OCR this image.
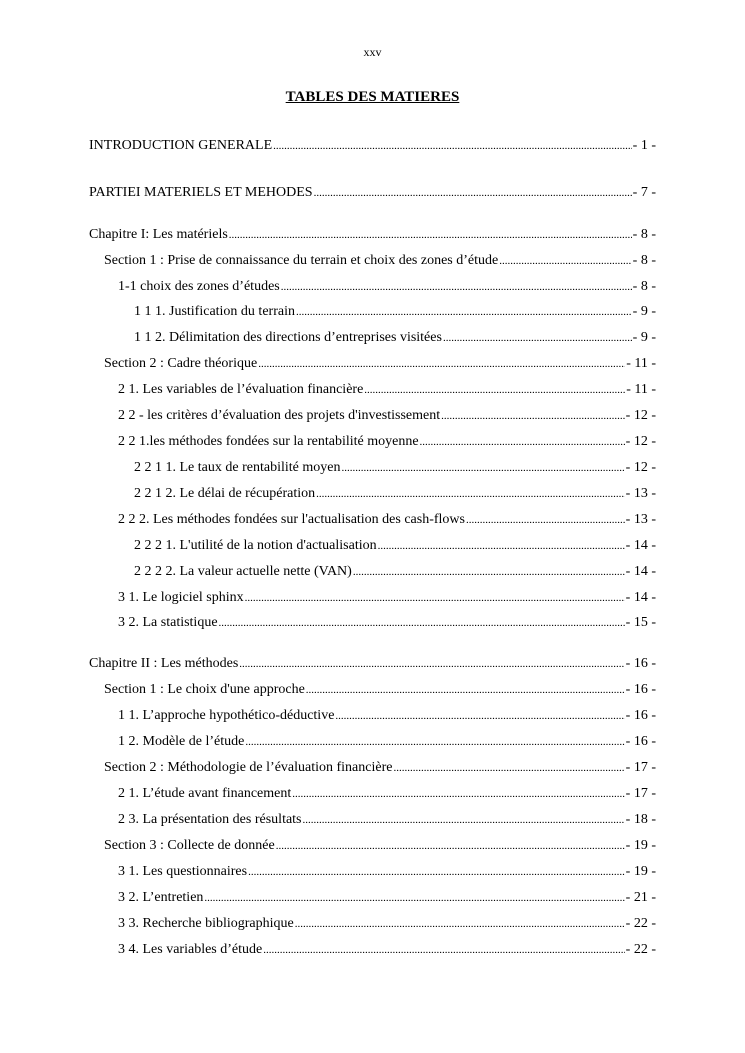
xxv
TABLES DES MATIERES
INTRODUCTION GENERALE .....	- 1 -
PARTIEI MATERIELS ET MEHODES .....	- 7 -
Chapitre I: Les matériels .....	- 8 -
Section 1 : Prise de connaissance du terrain et choix des zones d’étude .....	- 8 -
1-1 choix des zones d’études .....	- 8 -
1 1 1. Justification du terrain .....	- 9 -
1 1 2. Délimitation des directions d’entreprises visitées .....	- 9 -
Section 2 : Cadre théorique .....	- 11 -
2 1. Les variables de l’évaluation financière .....	- 11 -
2 2 - les critères d’évaluation des projets d'investissement .....	- 12 -
2 2 1.les méthodes fondées sur la rentabilité moyenne .....	- 12 -
2 2 1 1. Le taux de rentabilité moyen .....	- 12 -
2 2 1 2. Le délai de récupération .....	- 13 -
2 2 2. Les méthodes fondées sur l'actualisation des cash-flows .....	- 13 -
2 2 2 1. L'utilité de la notion d'actualisation .....	- 14 -
2 2 2 2. La valeur actuelle nette (VAN) .....	- 14 -
3 1. Le logiciel sphinx .....	- 14 -
3 2. La statistique .....	- 15 -
Chapitre II : Les méthodes .....	- 16 -
Section 1 : Le choix d'une approche .....	- 16 -
1 1. L’approche hypothético-déductive .....	- 16 -
1 2. Modèle de l’étude .....	- 16 -
Section 2 : Méthodologie de l’évaluation financière .....	- 17 -
2 1. L’étude avant financement .....	- 17 -
2 3. La présentation des résultats .....	- 18 -
Section 3 : Collecte de donnée .....	- 19 -
3 1. Les questionnaires .....	- 19 -
3 2. L’entretien .....	- 21 -
3 3. Recherche bibliographique .....	- 22 -
3 4. Les variables d’étude .....	- 22 -
